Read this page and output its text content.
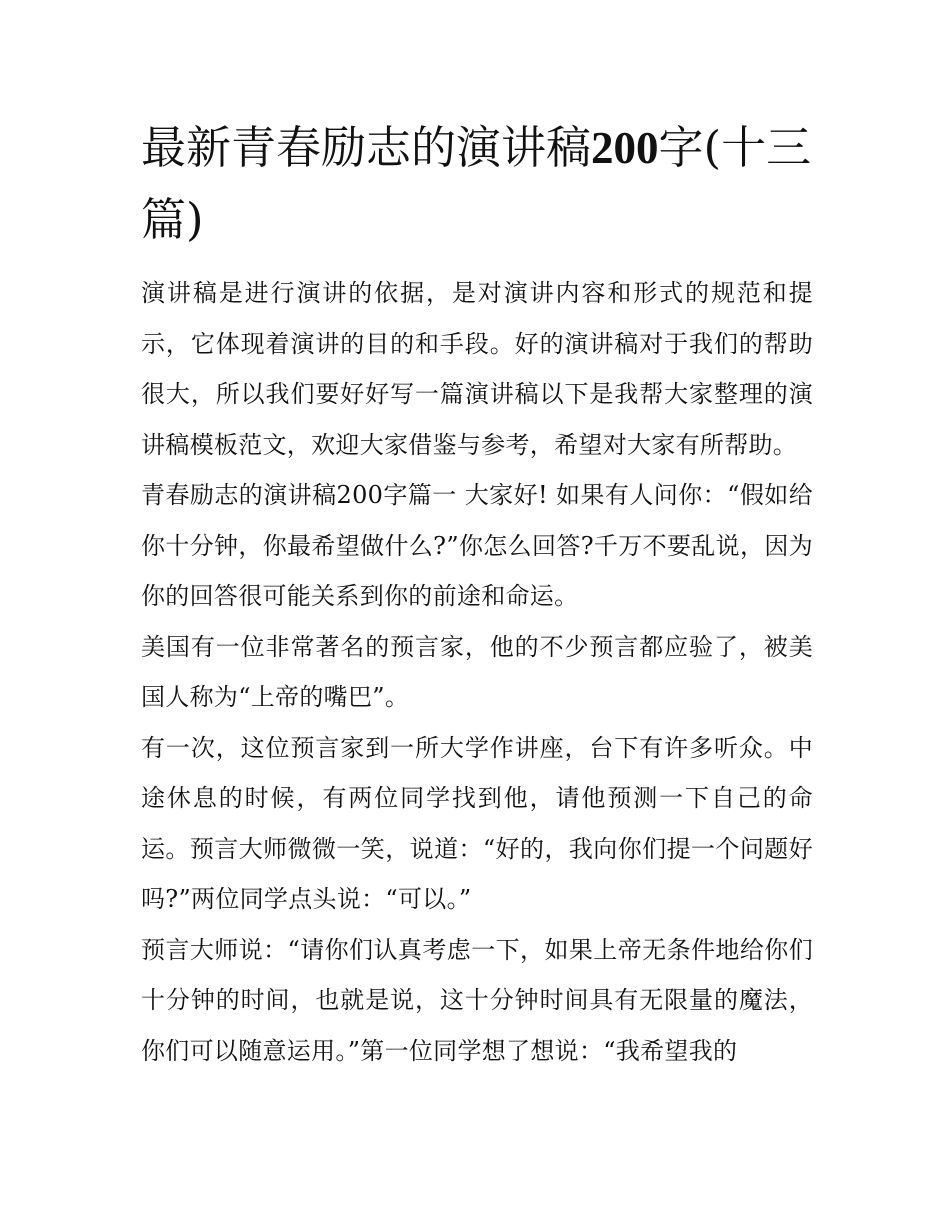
最新青春励志的演讲稿200字(十三篇)

演讲稿是进行演讲的依据，是对演讲内容和形式的规范和提示，它体现着演讲的目的和手段。好的演讲稿对于我们的帮助很大，所以我们要好好写一篇演讲稿以下是我帮大家整理的演讲稿模板范文，欢迎大家借鉴与参考，希望对大家有所帮助。

青春励志的演讲稿200字篇一 大家好! 如果有人问你：“假如给你十分钟，你最希望做什么?”你怎么回答?千万不要乱说，因为你的回答很可能关系到你的前途和命运。

美国有一位非常著名的预言家，他的不少预言都应验了，被美国人称为“上帝的嘴巴”。

有一次，这位预言家到一所大学作讲座，台下有许多听众。中途休息的时候，有两位同学找到他，请他预测一下自己的命运。预言大师微微一笑，说道：“好的，我向你们提一个问题好吗?”两位同学点头说：“可以。”

预言大师说：“请你们认真考虑一下，如果上帝无条件地给你们十分钟的时间，也就是说，这十分钟时间具有无限量的魔法，你们可以随意运用。”第一位同学想了想说：“我希望我的
